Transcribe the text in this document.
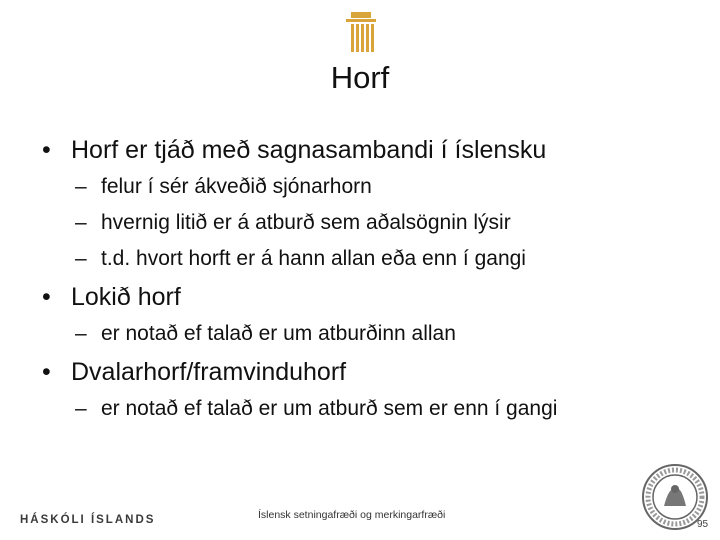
Horf
• Horf er tjáð með sagnasambandi í íslensku
– felur í sér ákveðið sjónarhorn
– hvernig litið er á atburð sem aðalsögnin lýsir
– t.d. hvort horft er á hann allan eða enn í gangi
• Lokið horf
– er notað ef talað er um atburðinn allan
• Dvalarhorf/framvinduhorf
– er notað ef talað er um atburð sem er enn í gangi
HÁSKÓLI ÍSLANDS	Íslensk setningafræði og merkingarfræði
95
